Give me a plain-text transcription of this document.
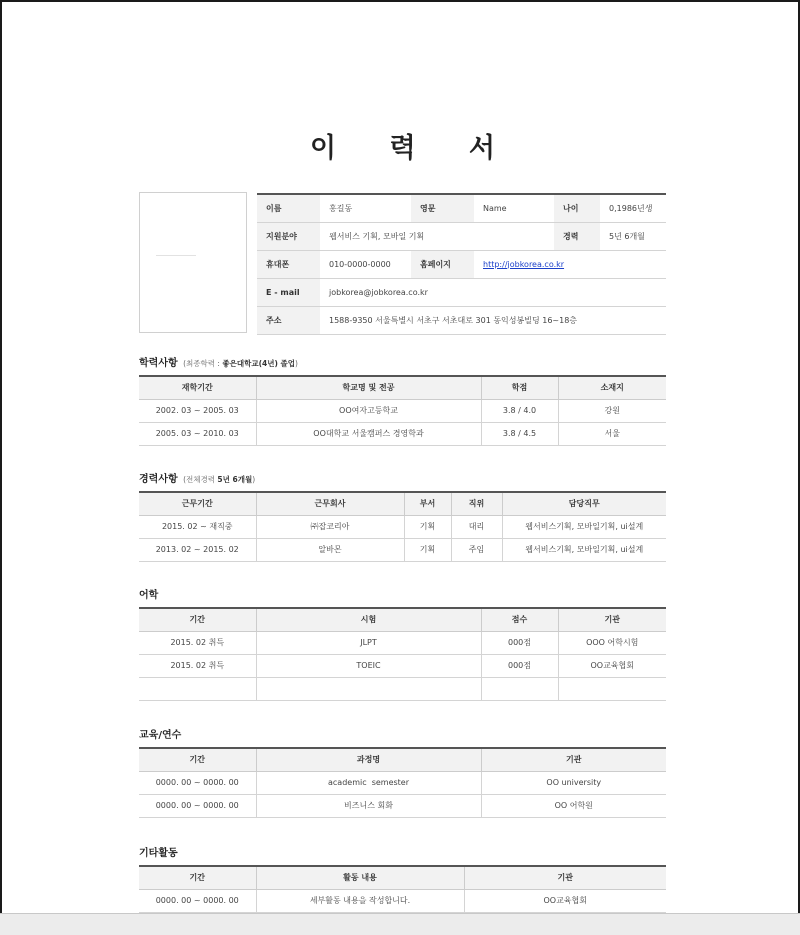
이 력 서
이름	홍길동	영문	Name	나이	0,1986년생
지원분야	웹서비스 기획, 모바일 기획			경력	5년 6개월
휴대폰	010-0000-0000	홈페이지	http://jobkorea.co.kr		
E - mail	jobkorea@jobkorea.co.kr				
주소	1588-9350 서울특별시 서초구 서초대로 301 동익성봉빌딩 16~18층				
학력사항 (최종학력 : 좋은대학교(4년) 졸업)
재학기간	학교명 및 전공	학점	소재지
2002. 03 ~ 2005. 03	OO여자고등학교	3.8 / 4.0	강원
2005. 03 ~ 2010. 03	OO대학교 서울캠퍼스 경영학과	3.8 / 4.5	서울
경력사항 (전체경력 5년 6개월)
근무기간	근무회사	부서	직위	담당직무
2015. 02 ~ 재직중	㈜잡코리아	기획	대리	웹서비스기획, 모바일기획, ui설계
2013. 02 ~ 2015. 02	알바몬	기획	주임	웹서비스기획, 모바일기획, ui설계
어학
기간	시험	점수	기관
2015. 02 취득	JLPT	000점	OOO 어학시험
2015. 02 취득	TOEIC	000점	OO교육협회

교육/연수
기간	과정명	기관
0000. 00 ~ 0000. 00	academic  semester	OO university
0000. 00 ~ 0000. 00	비즈니스 회화	OO 어학원
기타활동
기간	활동 내용	기관
0000. 00 ~ 0000. 00	세부활동 내용을 작성합니다.	OO교육협회
